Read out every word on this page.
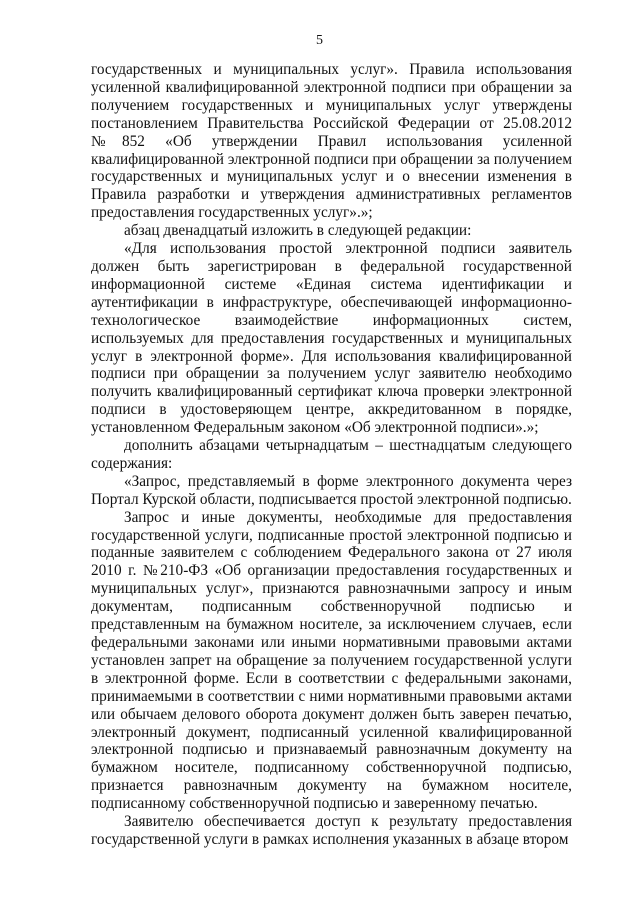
5

государственных и муниципальных услуг». Правила использования усиленной квалифицированной электронной подписи при обращении за получением государственных и муниципальных услуг утверждены постановлением Правительства Российской Федерации от 25.08.2012 №852 «Об утверждении Правил использования усиленной квалифицированной электронной подписи при обращении за получением государственных и муниципальных услуг и о внесении изменения в Правила разработки и утверждения административных регламентов предоставления государственных услуг».»;

абзац двенадцатый изложить в следующей редакции:

«Для использования простой электронной подписи заявитель должен быть зарегистрирован в федеральной государственной информационной системе «Единая система идентификации и аутентификации в инфраструктуре, обеспечивающей информационно-технологическое взаимодействие информационных систем, используемых для предоставления государственных и муниципальных услуг в электронной форме». Для использования квалифицированной подписи при обращении за получением услуг заявителю необходимо получить квалифицированный сертификат ключа проверки электронной подписи в удостоверяющем центре, аккредитованном в порядке, установленном Федеральным законом «Об электронной подписи».»;

дополнить абзацами четырнадцатым – шестнадцатым следующего содержания:

«Запрос, представляемый в форме электронного документа через Портал Курской области, подписывается простой электронной подписью.

Запрос и иные документы, необходимые для предоставления государственной услуги, подписанные простой электронной подписью и поданные заявителем с соблюдением Федерального закона от 27 июля 2010 г. №210-ФЗ «Об организации предоставления государственных и муниципальных услуг», признаются равнозначными запросу и иным документам, подписанным собственноручной подписью и представленным на бумажном носителе, за исключением случаев, если федеральными законами или иными нормативными правовыми актами установлен запрет на обращение за получением государственной услуги в электронной форме. Если в соответствии с федеральными законами, принимаемыми в соответствии с ними нормативными правовыми актами или обычаем делового оборота документ должен быть заверен печатью, электронный документ, подписанный усиленной квалифицированной электронной подписью и признаваемый равнозначным документу на бумажном носителе, подписанному собственноручной подписью, признается равнозначным документу на бумажном носителе, подписанному собственноручной подписью и заверенному печатью.

Заявителю обеспечивается доступ к результату предоставления государственной услуги в рамках исполнения указанных в абзаце втором
